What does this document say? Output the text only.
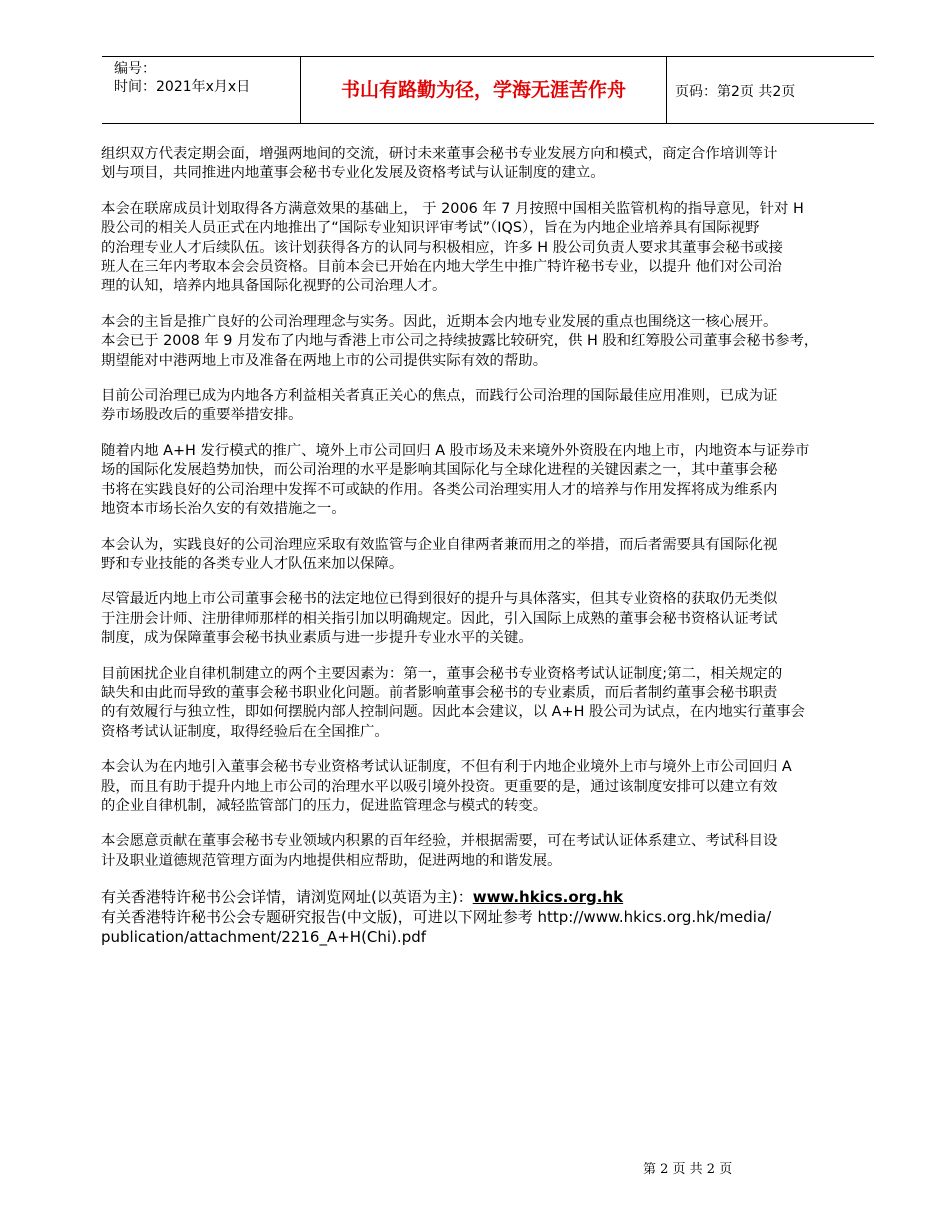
编号：
时间：2021年x月x日	书山有路勤为径，学海无涯苦作舟	页码：第2页 共2页
组织双方代表定期会面，增强两地间的交流，研讨未来董事会秘书专业发展方向和模式，商定合作培训等计
划与项目，共同推进内地董事会秘书专业化发展及资格考试与认证制度的建立。
本会在联席成员计划取得各方满意效果的基础上， 于 2006 年 7 月按照中国相关监管机构的指导意见，针对 H
股公司的相关人员正式在内地推出了“国际专业知识评审考试”（IQS），旨在为内地企业培养具有国际视野
的治理专业人才后续队伍。该计划获得各方的认同与积极相应，许多 H 股公司负责人要求其董事会秘书或接
班人在三年内考取本会会员资格。目前本会已开始在内地大学生中推广特许秘书专业，以提升 他们对公司治
理的认知，培养内地具备国际化视野的公司治理人才。
本会的主旨是推广良好的公司治理理念与实务。因此，近期本会内地专业发展的重点也围绕这一核心展开。
本会已于 2008 年 9 月发布了内地与香港上市公司之持续披露比较研究，供 H 股和红筹股公司董事会秘书参考，
期望能对中港两地上市及准备在两地上市的公司提供实际有效的帮助。
目前公司治理已成为内地各方利益相关者真正关心的焦点，而践行公司治理的国际最佳应用准则，已成为证
券市场股改后的重要举措安排。
随着内地 A+H 发行模式的推广、境外上市公司回归 A 股市场及未来境外外资股在内地上市，内地资本与证券市
场的国际化发展趋势加快，而公司治理的水平是影响其国际化与全球化进程的关键因素之一，其中董事会秘
书将在实践良好的公司治理中发挥不可或缺的作用。各类公司治理实用人才的培养与作用发挥将成为维系内
地资本市场长治久安的有效措施之一。
本会认为，实践良好的公司治理应采取有效监管与企业自律两者兼而用之的举措，而后者需要具有国际化视
野和专业技能的各类专业人才队伍来加以保障。
尽管最近内地上市公司董事会秘书的法定地位已得到很好的提升与具体落实，但其专业资格的获取仍无类似
于注册会计师、注册律师那样的相关指引加以明确规定。因此，引入国际上成熟的董事会秘书资格认证考试
制度，成为保障董事会秘书执业素质与进一步提升专业水平的关键。
目前困扰企业自律机制建立的两个主要因素为：第一，董事会秘书专业资格考试认证制度;第二，相关规定的
缺失和由此而导致的董事会秘书职业化问题。前者影响董事会秘书的专业素质，而后者制约董事会秘书职责
的有效履行与独立性，即如何摆脱内部人控制问题。因此本会建议，以 A+H 股公司为试点，在内地实行董事会
资格考试认证制度，取得经验后在全国推广。
本会认为在内地引入董事会秘书专业资格考试认证制度，不但有利于内地企业境外上市与境外上市公司回归 A
股，而且有助于提升内地上市公司的治理水平以吸引境外投资。更重要的是，通过该制度安排可以建立有效
的企业自律机制，减轻监管部门的压力，促进监管理念与模式的转变。
本会愿意贡献在董事会秘书专业领域内积累的百年经验，并根据需要，可在考试认证体系建立、考试科目设
计及职业道德规范管理方面为内地提供相应帮助，促进两地的和谐发展。
有关香港特许秘书公会详情，请浏览网址(以英语为主)：www.hkics.org.hk
有关香港特许秘书公会专题研究报告(中文版)，可进以下网址参考 http://www.hkics.org.hk/media/
publication/attachment/2216_A+H(Chi).pdf
第 2 页 共 2 页
